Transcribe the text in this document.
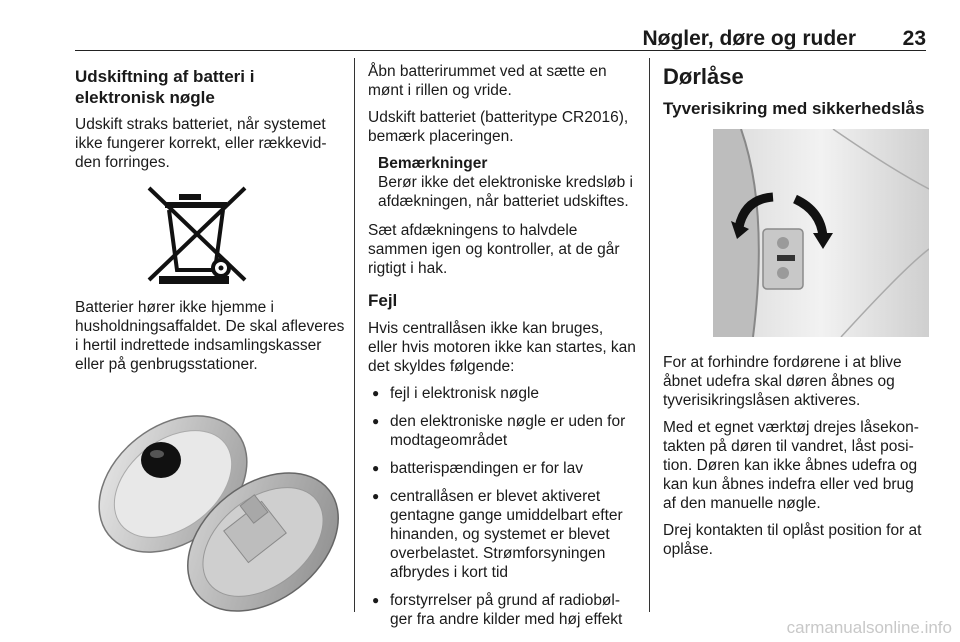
Nøgler, døre og ruder 23
Udskiftning af batteri i elektronisk nøgle

Udskift straks batteriet, når systemet ikke fungerer korrekt, eller rækkevidden forringes.

Batterier hører ikke hjemme i husholdningsaffaldet. De skal afleveres i hertil indrettede indsamlingskasser eller på genbrugsstationer.

Åbn batterirummet ved at sætte en mønt i rillen og vride.

Udskift batteriet (batteritype CR2016), bemærk placeringen.

Bemærkninger
Berør ikke det elektroniske kredsløb i afdækningen, når batteriet udskiftes.

Sæt afdækningens to halvdele sammen igen og kontroller, at de går rigtigt i hak.

Fejl

Hvis centrallåsen ikke kan bruges, eller hvis motoren ikke kan startes, kan det skyldes følgende:

● fejl i elektronisk nøgle
● den elektroniske nøgle er uden for modtageområdet
● batterispændingen er for lav
● centrallåsen er blevet aktiveret gentagne gange umiddelbart efter hinanden, og systemet er blevet overbelastet. Strømforsyningen afbrydes i kort tid
● forstyrrelser på grund af radiobølger fra andre kilder med høj effekt
Dørlåse
Tyverisikring med sikkerhedslås

For at forhindre fordørene i at blive åbnet udefra skal døren åbnes og tyverisikringslåsen aktiveres.

Med et egnet værktøj drejes låsekontakten på døren til vandret, låst position. Døren kan ikke åbnes udefra og kan kun åbnes indefra eller ved brug af den manuelle nøgle.

Drej kontakten til oplåst position for at oplåse.

carmanualsonline.info
